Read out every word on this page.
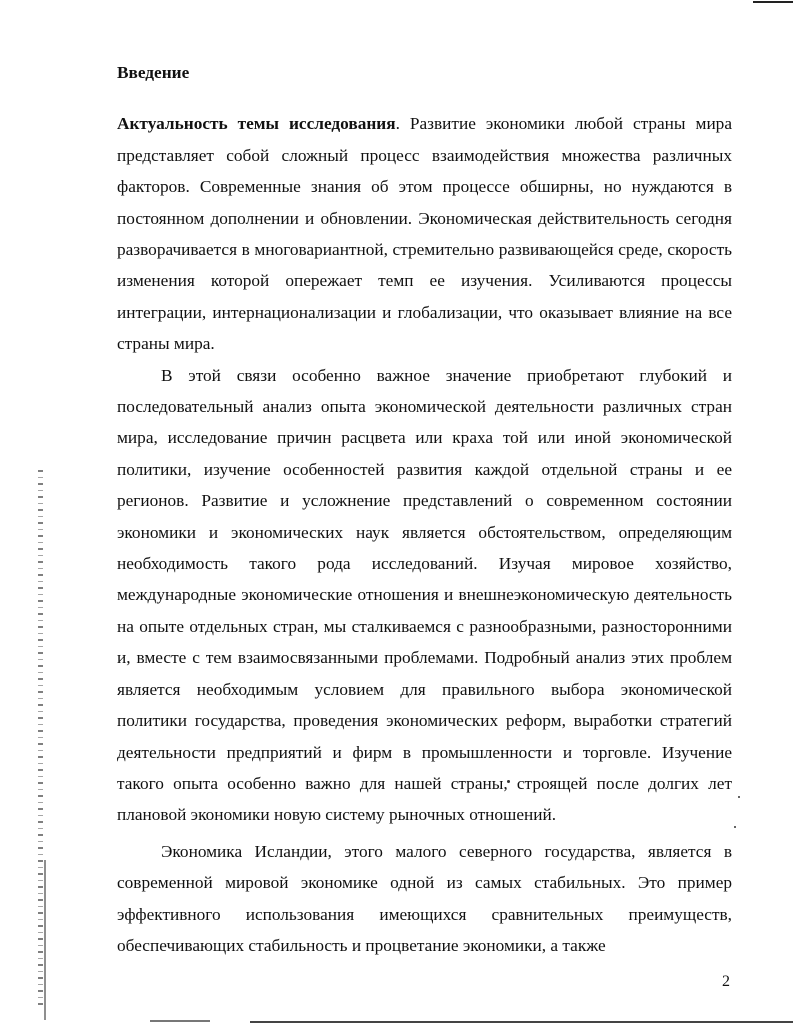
Введение

Актуальность темы исследования. Развитие экономики любой страны мира представляет собой сложный процесс взаимодействия множества различных факторов. Современные знания об этом процессе обширны, но нуждаются в постоянном дополнении и обновлении. Экономическая действительность сегодня разворачивается в многовариантной, стремительно развивающейся среде, скорость изменения которой опережает темп ее изучения. Усиливаются процессы интеграции, интернационализации и глобализации, что оказывает влияние на все страны мира.

В этой связи особенно важное значение приобретают глубокий и последовательный анализ опыта экономической деятельности различных стран мира, исследование причин расцвета или краха той или иной экономической политики, изучение особенностей развития каждой отдельной страны и ее регионов. Развитие и усложнение представлений о современном состоянии экономики и экономических наук является обстоятельством, определяющим необходимость такого рода исследований. Изучая мировое хозяйство, международные экономические отношения и внешнеэкономическую деятельность на опыте отдельных стран, мы сталкиваемся с разнообразными, разносторонними и, вместе с тем взаимосвязанными проблемами. Подробный анализ этих проблем является необходимым условием для правильного выбора экономической политики государства, проведения экономических реформ, выработки стратегий деятельности предприятий и фирм в промышленности и торговле. Изучение такого опыта особенно важно для нашей страны, строящей после долгих лет плановой экономики новую систему рыночных отношений.

Экономика Исландии, этого малого северного государства, является в современной мировой экономике одной из самых стабильных. Это пример эффективного использования имеющихся сравнительных преимуществ, обеспечивающих стабильность и процветание экономики, а также

2
